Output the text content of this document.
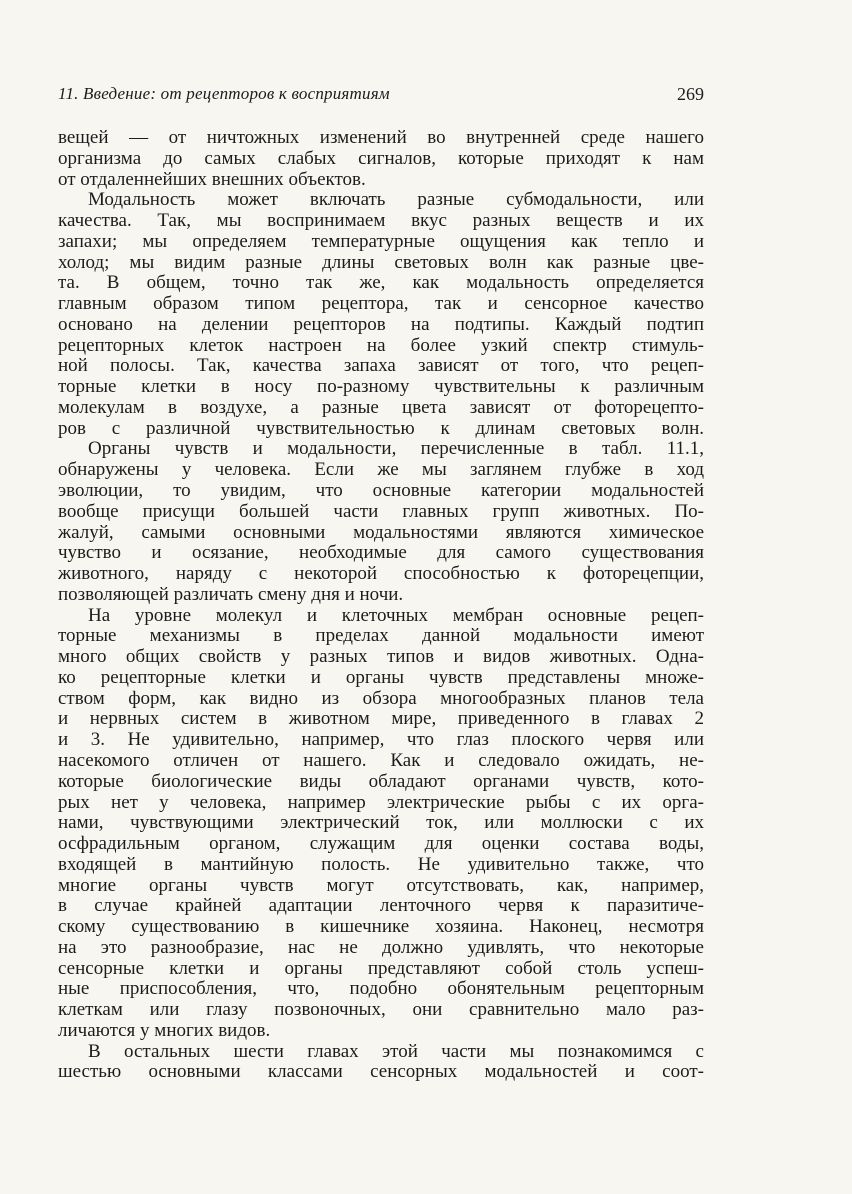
11. Введение: от рецепторов к восприятиям	269
вещей — от ничтожных изменений во внутренней среде нашего
организма до самых слабых сигналов, которые приходят к нам
от отдаленнейших внешних объектов.
Модальность может включать разные субмодальности, или
качества. Так, мы воспринимаем вкус разных веществ и их
запахи; мы определяем температурные ощущения как тепло и
холод; мы видим разные длины световых волн как разные цве-
та. В общем, точно так же, как модальность определяется
главным образом типом рецептора, так и сенсорное качество
основано на делении рецепторов на подтипы. Каждый подтип
рецепторных клеток настроен на более узкий спектр стимуль-
ной полосы. Так, качества запаха зависят от того, что рецеп-
торные клетки в носу по-разному чувствительны к различным
молекулам в воздухе, а разные цвета зависят от фоторецепто-
ров с различной чувствительностью к длинам световых волн.
Органы чувств и модальности, перечисленные в табл. 11.1,
обнаружены у человека. Если же мы заглянем глубже в ход
эволюции, то увидим, что основные категории модальностей
вообще присущи большей части главных групп животных. По-
жалуй, самыми основными модальностями являются химическое
чувство и осязание, необходимые для самого существования
животного, наряду с некоторой способностью к фоторецепции,
позволяющей различать смену дня и ночи.
На уровне молекул и клеточных мембран основные рецеп-
торные механизмы в пределах данной модальности имеют
много общих свойств у разных типов и видов животных. Одна-
ко рецепторные клетки и органы чувств представлены множе-
ством форм, как видно из обзора многообразных планов тела
и нервных систем в животном мире, приведенного в главах 2
и 3. Не удивительно, например, что глаз плоского червя или
насекомого отличен от нашего. Как и следовало ожидать, не-
которые биологические виды обладают органами чувств, кото-
рых нет у человека, например электрические рыбы с их орга-
нами, чувствующими электрический ток, или моллюски с их
осфрадильным органом, служащим для оценки состава воды,
входящей в мантийную полость. Не удивительно также, что
многие органы чувств могут отсутствовать, как, например,
в случае крайней адаптации ленточного червя к паразитиче-
скому существованию в кишечнике хозяина. Наконец, несмотря
на это разнообразие, нас не должно удивлять, что некоторые
сенсорные клетки и органы представляют собой столь успеш-
ные приспособления, что, подобно обонятельным рецепторным
клеткам или глазу позвоночных, они сравнительно мало раз-
личаются у многих видов.
В остальных шести главах этой части мы познакомимся с
шестью основными классами сенсорных модальностей и соот-
